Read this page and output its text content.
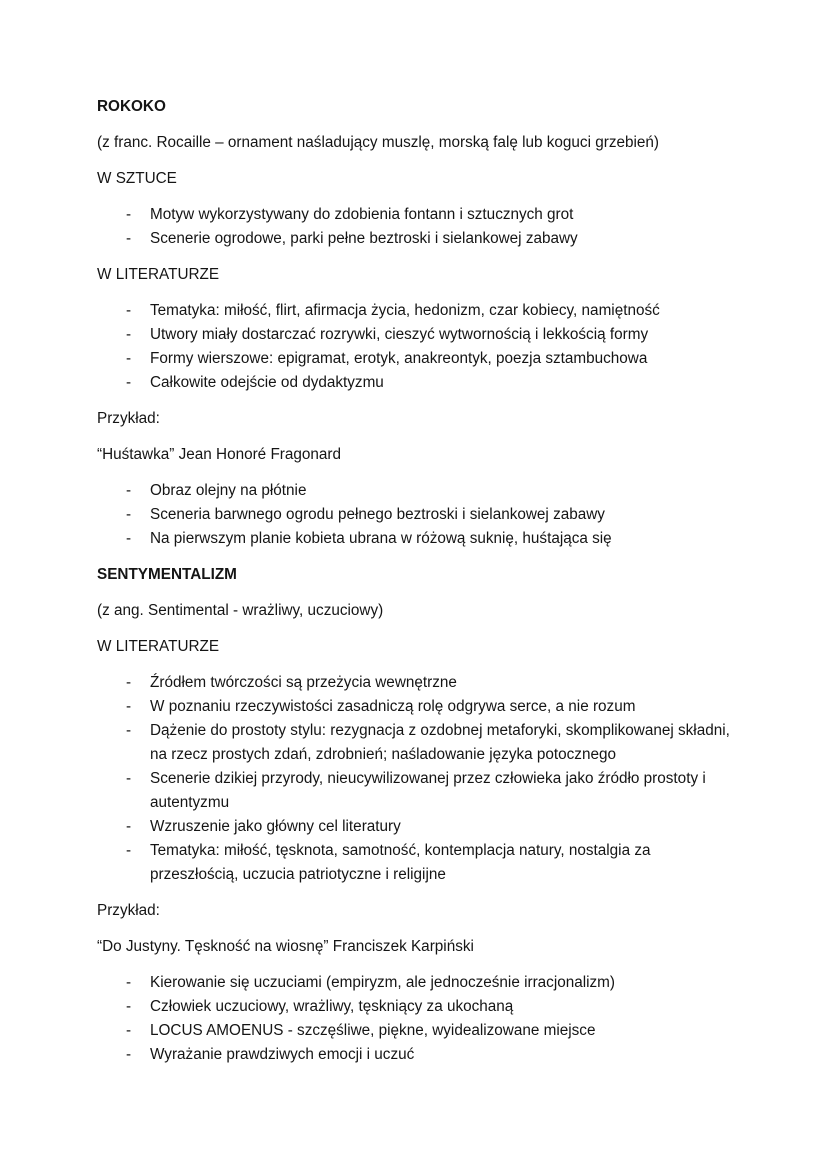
ROKOKO

(z franc. Rocaille – ornament naśladujący muszlę, morską falę lub koguci grzebień)

W SZTUCE

- Motyw wykorzystywany do zdobienia fontann i sztucznych grot
- Scenerie ogrodowe, parki pełne beztroski i sielankowej zabawy

W LITERATURZE

- Tematyka: miłość, flirt, afirmacja życia, hedonizm, czar kobiecy, namiętność
- Utwory miały dostarczać rozrywki, cieszyć wytwornością i lekkością formy
- Formy wierszowe: epigramat, erotyk, anakreontyk, poezja sztambuchowa
- Całkowite odejście od dydaktyzmu

Przykład:

“Huśtawka” Jean Honoré Fragonard

- Obraz olejny na płótnie
- Sceneria barwnego ogrodu pełnego beztroski i sielankowej zabawy
- Na pierwszym planie kobieta ubrana w różową suknię, huśtająca się

SENTYMENTALIZM

(z ang. Sentimental - wrażliwy, uczuciowy)

W LITERATURZE

- Źródłem twórczości są przeżycia wewnętrzne
- W poznaniu rzeczywistości zasadniczą rolę odgrywa serce, a nie rozum
- Dążenie do prostoty stylu: rezygnacja z ozdobnej metaforyki, skomplikowanej składni, na rzecz prostych zdań, zdrobnień; naśladowanie języka potocznego
- Scenerie dzikiej przyrody, nieucywilizowanej przez człowieka jako źródło prostoty i autentyzmu
- Wzruszenie jako główny cel literatury
- Tematyka: miłość, tęsknota, samotność, kontemplacja natury, nostalgia za przeszłością, uczucia patriotyczne i religijne

Przykład:

“Do Justyny. Tęskność na wiosnę” Franciszek Karpiński

- Kierowanie się uczuciami (empiryzm, ale jednocześnie irracjonalizm)
- Człowiek uczuciowy, wrażliwy, tęskniący za ukochaną
- LOCUS AMOENUS - szczęśliwe, piękne, wyidealizowane miejsce
- Wyrażanie prawdziwych emocji i uczuć
